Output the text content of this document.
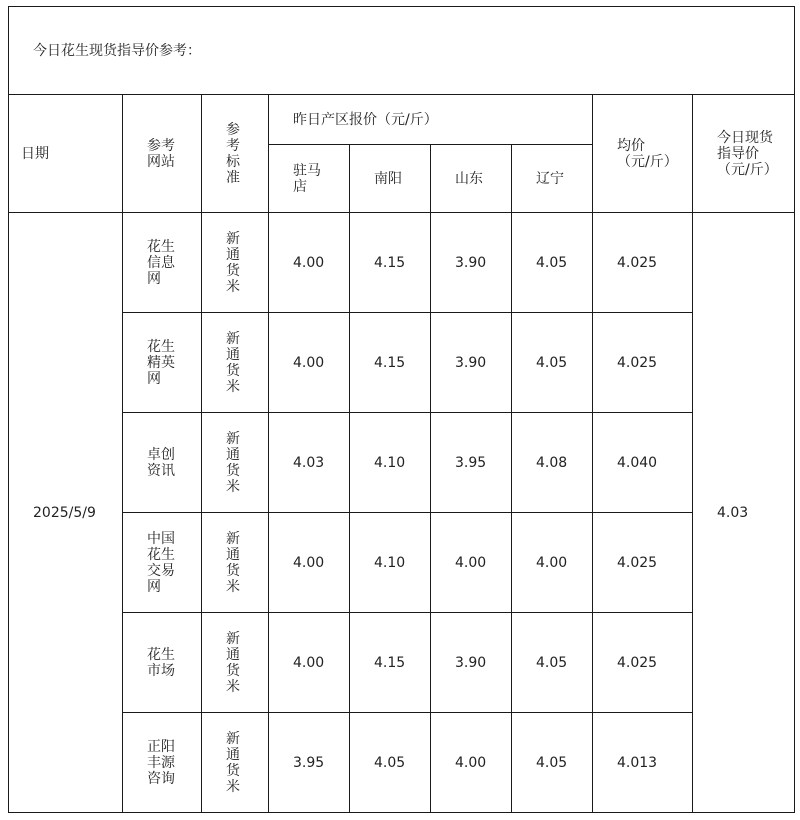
今日花生现货指导价参考：								
日期	参考网站	参考标准	昨日产区报价（元/斤）				均价（元/斤）	今日现货指导价（元/斤）
			驻马店	南阳	山东	辽宁		
2025/5/9	花生信息网	新通货米	4.00	4.15	3.90	4.05	4.025	4.03
	花生精英网	新通货米	4.00	4.15	3.90	4.05	4.025	
	卓创资讯	新通货米	4.03	4.10	3.95	4.08	4.040	
	中国花生交易网	新通货米	4.00	4.10	4.00	4.00	4.025	
	花生市场	新通货米	4.00	4.15	3.90	4.05	4.025	
	正阳丰源咨询	新通货米	3.95	4.05	4.00	4.05	4.013	
